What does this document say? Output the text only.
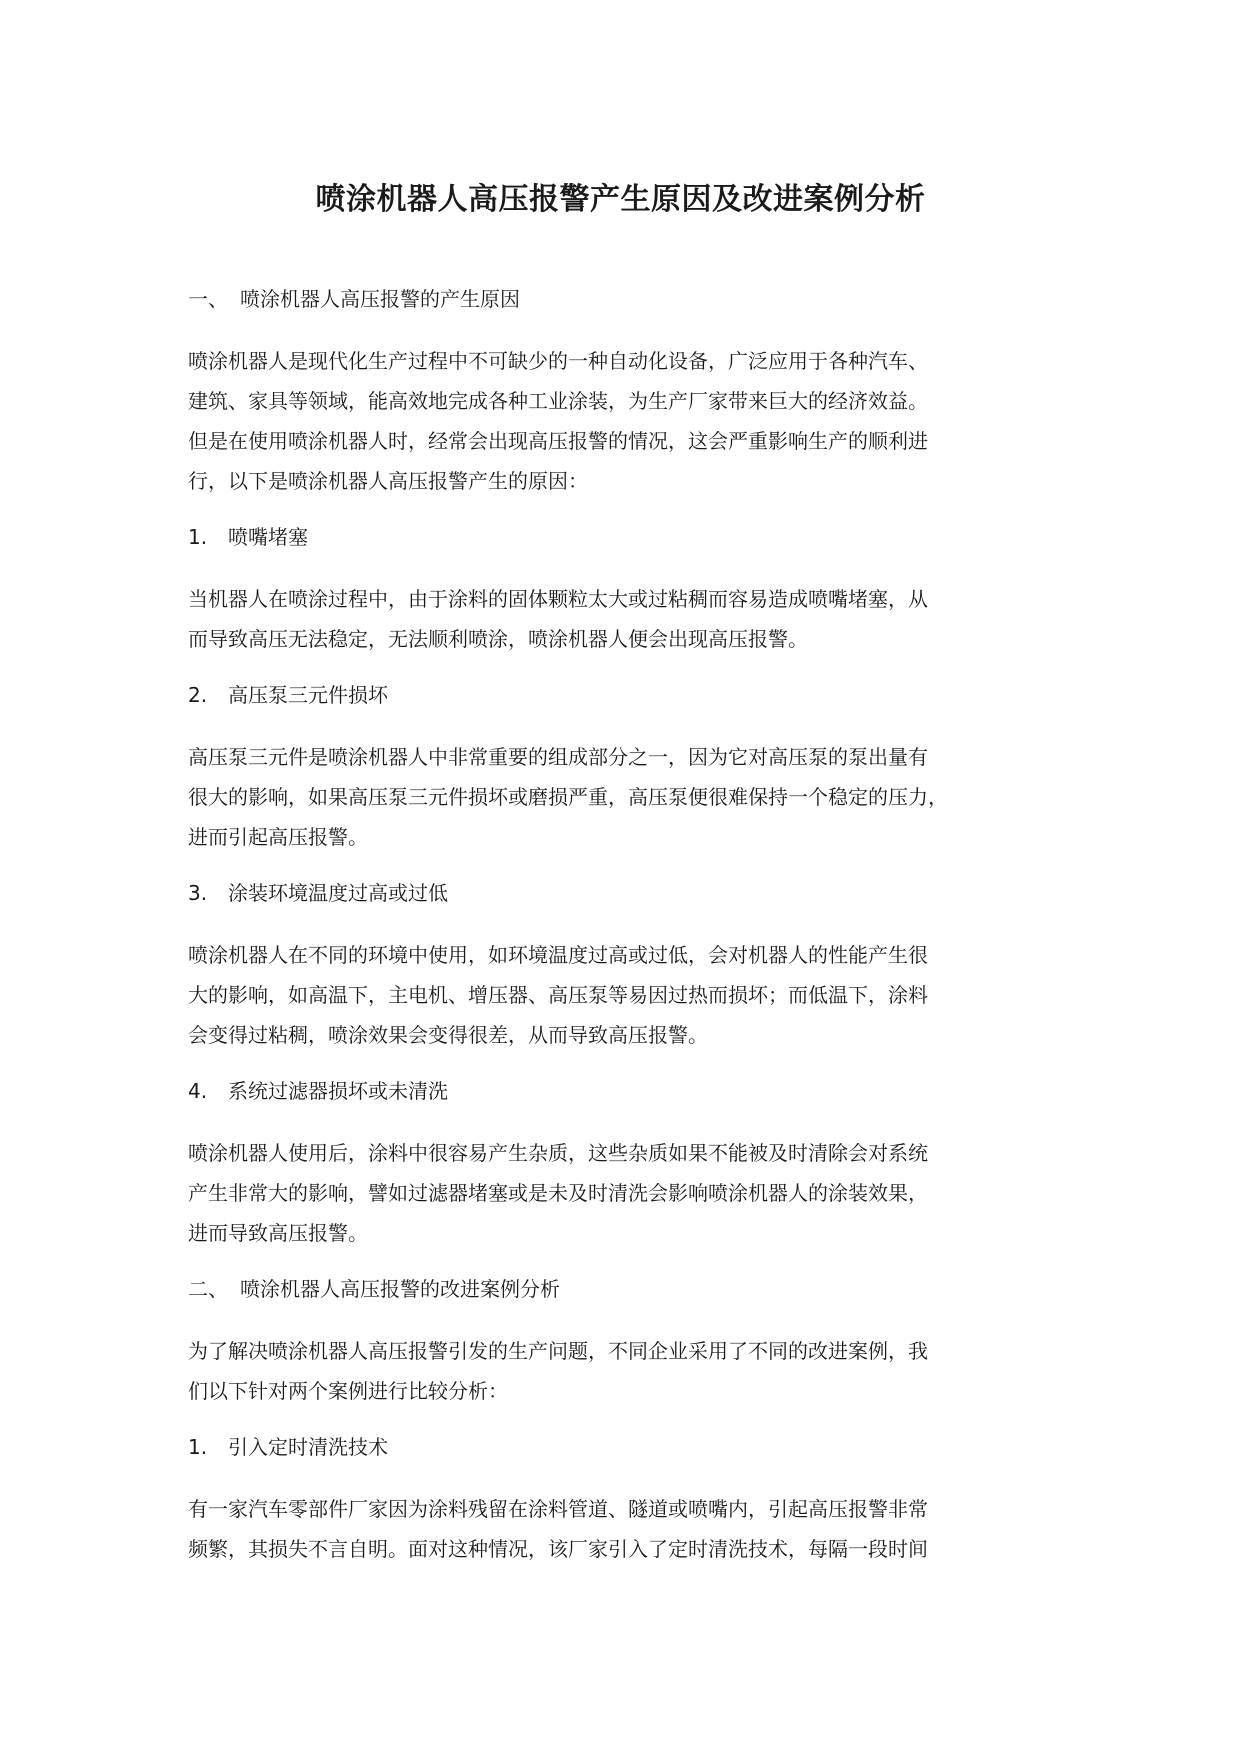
喷涂机器人高压报警产生原因及改进案例分析
一、 喷涂机器人高压报警的产生原因
喷涂机器人是现代化生产过程中不可缺少的一种自动化设备，广泛应用于各种汽车、
建筑、家具等领域，能高效地完成各种工业涂装，为生产厂家带来巨大的经济效益。
但是在使用喷涂机器人时，经常会出现高压报警的情况，这会严重影响生产的顺利进
行，以下是喷涂机器人高压报警产生的原因：
1. 喷嘴堵塞
当机器人在喷涂过程中，由于涂料的固体颗粒太大或过粘稠而容易造成喷嘴堵塞，从
而导致高压无法稳定，无法顺利喷涂，喷涂机器人便会出现高压报警。
2. 高压泵三元件损坏
高压泵三元件是喷涂机器人中非常重要的组成部分之一，因为它对高压泵的泵出量有
很大的影响，如果高压泵三元件损坏或磨损严重，高压泵便很难保持一个稳定的压力，
进而引起高压报警。
3. 涂装环境温度过高或过低
喷涂机器人在不同的环境中使用，如环境温度过高或过低，会对机器人的性能产生很
大的影响，如高温下，主电机、增压器、高压泵等易因过热而损坏；而低温下，涂料
会变得过粘稠，喷涂效果会变得很差，从而导致高压报警。
4. 系统过滤器损坏或未清洗
喷涂机器人使用后，涂料中很容易产生杂质，这些杂质如果不能被及时清除会对系统
产生非常大的影响，譬如过滤器堵塞或是未及时清洗会影响喷涂机器人的涂装效果，
进而导致高压报警。
二、 喷涂机器人高压报警的改进案例分析
为了解决喷涂机器人高压报警引发的生产问题，不同企业采用了不同的改进案例，我
们以下针对两个案例进行比较分析：
1. 引入定时清洗技术
有一家汽车零部件厂家因为涂料残留在涂料管道、隧道或喷嘴内，引起高压报警非常
频繁，其损失不言自明。面对这种情况，该厂家引入了定时清洗技术，每隔一段时间
